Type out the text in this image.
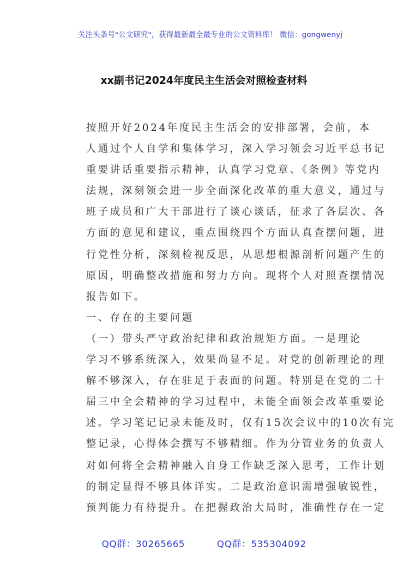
关注头条号"公文研究"，获得最新最全最专业的公文资料库！ 微信：gongwenyj
xx副书记2024年度民主生活会对照检查材料
按照开好2024年度民主生活会的安排部署，会前，本
人通过个人自学和集体学习，深入学习领会习近平总书记
重要讲话重要指示精神，认真学习党章、《条例》等党内
法规，深刻领会进一步全面深化改革的重大意义，通过与
班子成员和广大干部进行了谈心谈话，征求了各层次、各
方面的意见和建议，重点围绕四个方面认真查摆问题，进
行党性分析，深刻检视反思，从思想根源剖析问题产生的
原因，明确整改措施和努力方向。现将个人对照查摆情况
报告如下。
一、存在的主要问题
（一）带头严守政治纪律和政治规矩方面。一是理论
学习不够系统深入，效果尚显不足。对党的创新理论的理
解不够深入，存在驻足于表面的问题。特别是在党的二十
届三中全会精神的学习过程中，未能全面领会改革重要论
述。学习笔记记录未能及时，仅有15次会议中的10次有完
整记录，心得体会撰写不够精细。作为分管业务的负责人
对如何将全会精神融入自身工作缺乏深入思考，工作计划
的制定显得不够具体详实。二是政治意识需增强敏锐性，
预判能力有待提升。在把握政治大局时，准确性存在一定
QQ群：30265665	QQ群：535304092
